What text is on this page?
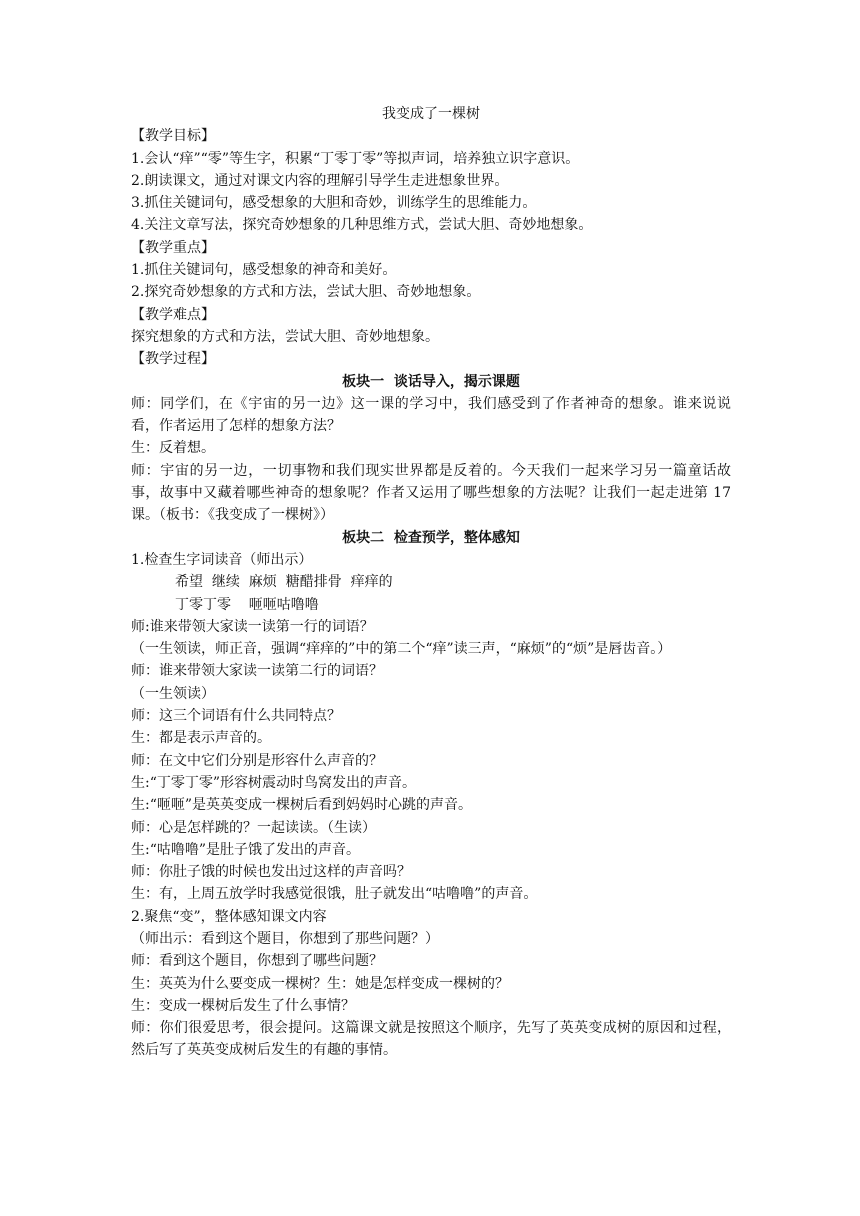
我变成了一棵树
【教学目标】
1.会认“痒”“零”等生字，积累“丁零丁零”等拟声词，培养独立识字意识。
2.朗读课文，通过对课文内容的理解引导学生走进想象世界。
3.抓住关键词句，感受想象的大胆和奇妙，训练学生的思维能力。
4.关注文章写法，探究奇妙想象的几种思维方式，尝试大胆、奇妙地想象。
【教学重点】
1.抓住关键词句，感受想象的神奇和美好。
2.探究奇妙想象的方式和方法，尝试大胆、奇妙地想象。
【教学难点】
探究想象的方式和方法，尝试大胆、奇妙地想象。
【教学过程】
板块一  谈话导入，揭示课题
师：同学们，在《宇宙的另一边》这一课的学习中，我们感受到了作者神奇的想象。谁来说说看，作者运用了怎样的想象方法？
生：反着想。
师：宇宙的另一边，一切事物和我们现实世界都是反着的。今天我们一起来学习另一篇童话故事，故事中又藏着哪些神奇的想象呢？作者又运用了哪些想象的方法呢？让我们一起走进第 17 课。（板书：《我变成了一棵树》）
板块二  检查预学，整体感知
1.检查生字词读音（师出示）
希望  继续  麻烦  糖醋排骨  痒痒的
丁零丁零    咂咂咕噜噜
师:谁来带领大家读一读第一行的词语？
（一生领读，师正音，强调“痒痒的”中的第二个“痒”读三声，“麻烦”的“烦”是唇齿音。）
师：谁来带领大家读一读第二行的词语？
（一生领读）
师：这三个词语有什么共同特点？
生：都是表示声音的。
师：在文中它们分别是形容什么声音的？
生:“丁零丁零”形容树震动时鸟窝发出的声音。
生:“咂咂”是英英变成一棵树后看到妈妈时心跳的声音。
师：心是怎样跳的？一起读读。（生读）
生:“咕噜噜”是肚子饿了发出的声音。
师：你肚子饿的时候也发出过这样的声音吗？
生：有，上周五放学时我感觉很饿，肚子就发出“咕噜噜”的声音。
2.聚焦“变”，整体感知课文内容
（师出示：看到这个题目，你想到了那些问题？）
师：看到这个题目，你想到了哪些问题？
生：英英为什么要变成一棵树？生：她是怎样变成一棵树的？
生：变成一棵树后发生了什么事情？
师：你们很爱思考，很会提问。这篇课文就是按照这个顺序，先写了英英变成树的原因和过程，然后写了英英变成树后发生的有趣的事情。
